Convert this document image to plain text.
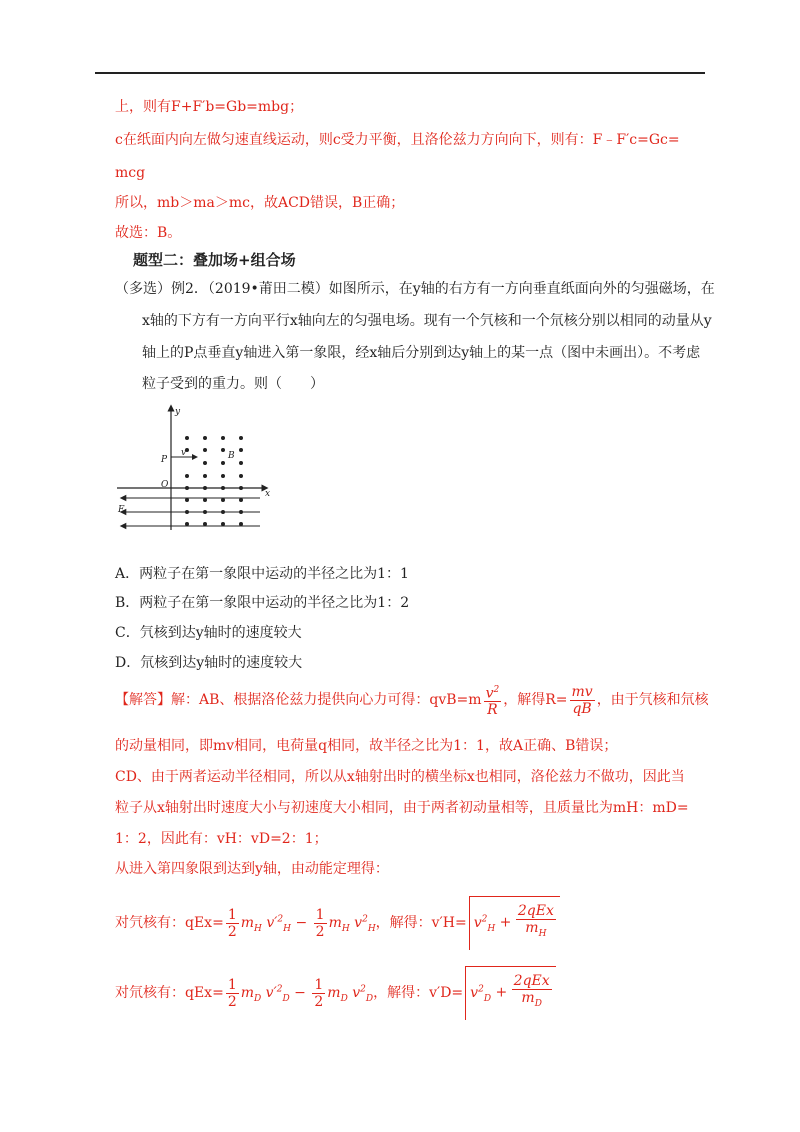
上，则有F+F′b=Gb=mbg；
c在纸面内向左做匀速直线运动，则c受力平衡，且洛伦兹力方向向下，则有：F﹣F′c=Gc=
mcg
所以，mb＞ma＞mc，故ACD错误，B正确；
故选：B。
题型二：叠加场+组合场
（多选）例2．（2019•莆田二模）如图所示，在y轴的右方有一方向垂直纸面向外的匀强磁场，在
x轴的下方有一方向平行x轴向左的匀强电场。现有一个氕核和一个氘核分别以相同的动量从y
轴上的P点垂直y轴进入第一象限，经x轴后分别到达y轴上的某一点（图中未画出）。不考虑
粒子受到的重力。则（　　）
y
x
P
v	B
O
E
A．两粒子在第一象限中运动的半径之比为1：1
B．两粒子在第一象限中运动的半径之比为1：2
C．氕核到达y轴时的速度较大
D．氘核到达y轴时的速度较大
【解答】解：AB、根据洛伦兹力提供向心力可得：$qvB=m \frac{v^2}{R}$ ，解得$R= \frac{mv}{qB}$ ，由于氕核和氘核
的动量相同，即mv相同，电荷量q相同，故半径之比为1：1，故A正确、B错误；
CD、由于两者运动半径相同，所以从x轴射出时的横坐标x也相同，洛伦兹力不做功，因此当
粒子从x轴射出时速度大小与初速度大小相同，由于两者初动量相等，且质量比为mH：mD=
1：2，因此有：vH：vD=2：1；
从进入第四象限到达到y轴，由动能定理得：
对氕核有：$qEx= \frac{1}{2} m_H$ $v'^2_H - \frac{1}{2} m_H$ $v^2_H$，解得：$v'H= v^2_H + \frac{\text{2qEx}}{m_H}$
对氘核有：$qEx= \frac{1}{2} m_D$ $v'^2_D - \frac{1}{2} m_D$ $v^2_D$，解得：$v'D= v^2_D + \frac{\text{2qEx}}{m_D}$
